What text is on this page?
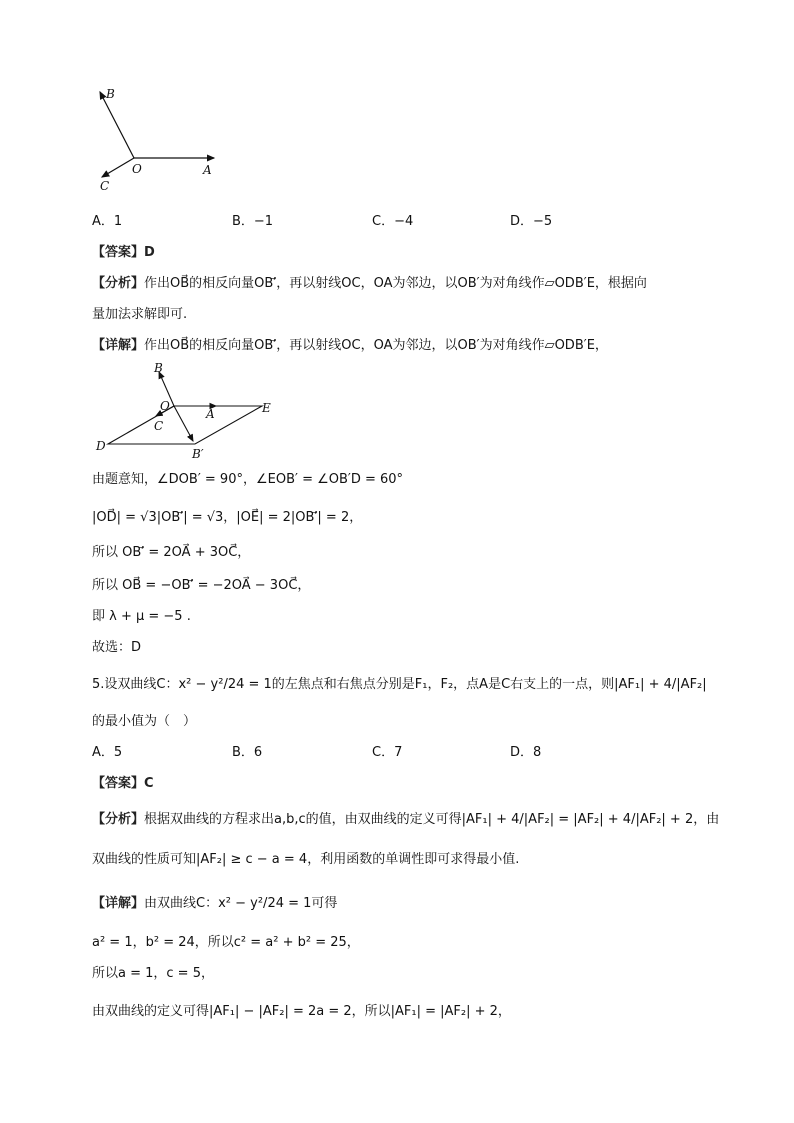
B
O	A
C
A．1	B．−1	C．−4	D．−5
【答案】D
【分析】作出OB⃗的相反向量OB′⃗，再以射线OC，OA为邻边，以OB′为对角线作▱ODB′E，根据向
量加法求解即可.
【详解】作出OB⃗的相反向量OB′⃗，再以射线OC，OA为邻边，以OB′为对角线作▱ODB′E，
B
O
A	E
C
D
B′
由题意知，∠DOB′ = 90°，∠EOB′ = ∠OB′D = 60°
|OD⃗| = √3|OB′⃗| = √3，|OE⃗| = 2|OB′⃗| = 2，
所以 OB′⃗ = 2OA⃗ + 3OC⃗，
所以 OB⃗ = −OB′⃗ = −2OA⃗ − 3OC⃗，
即 λ + μ = −5 .
故选：D
5.设双曲线C：x² − y²/24 = 1的左焦点和右焦点分别是F₁，F₂，点A是C右支上的一点，则|AF₁| + 4/|AF₂|
的最小值为（　）
A．5	B．6	C．7	D．8
【答案】C
【分析】根据双曲线的方程求出a,b,c的值，由双曲线的定义可得|AF₁| + 4/|AF₂| = |AF₂| + 4/|AF₂| + 2，由
双曲线的性质可知|AF₂| ≥ c − a = 4，利用函数的单调性即可求得最小值.
【详解】由双曲线C：x² − y²/24 = 1可得
a² = 1，b² = 24，所以c² = a² + b² = 25，
所以a = 1，c = 5，
由双曲线的定义可得|AF₁| − |AF₂| = 2a = 2，所以|AF₁| = |AF₂| + 2，
